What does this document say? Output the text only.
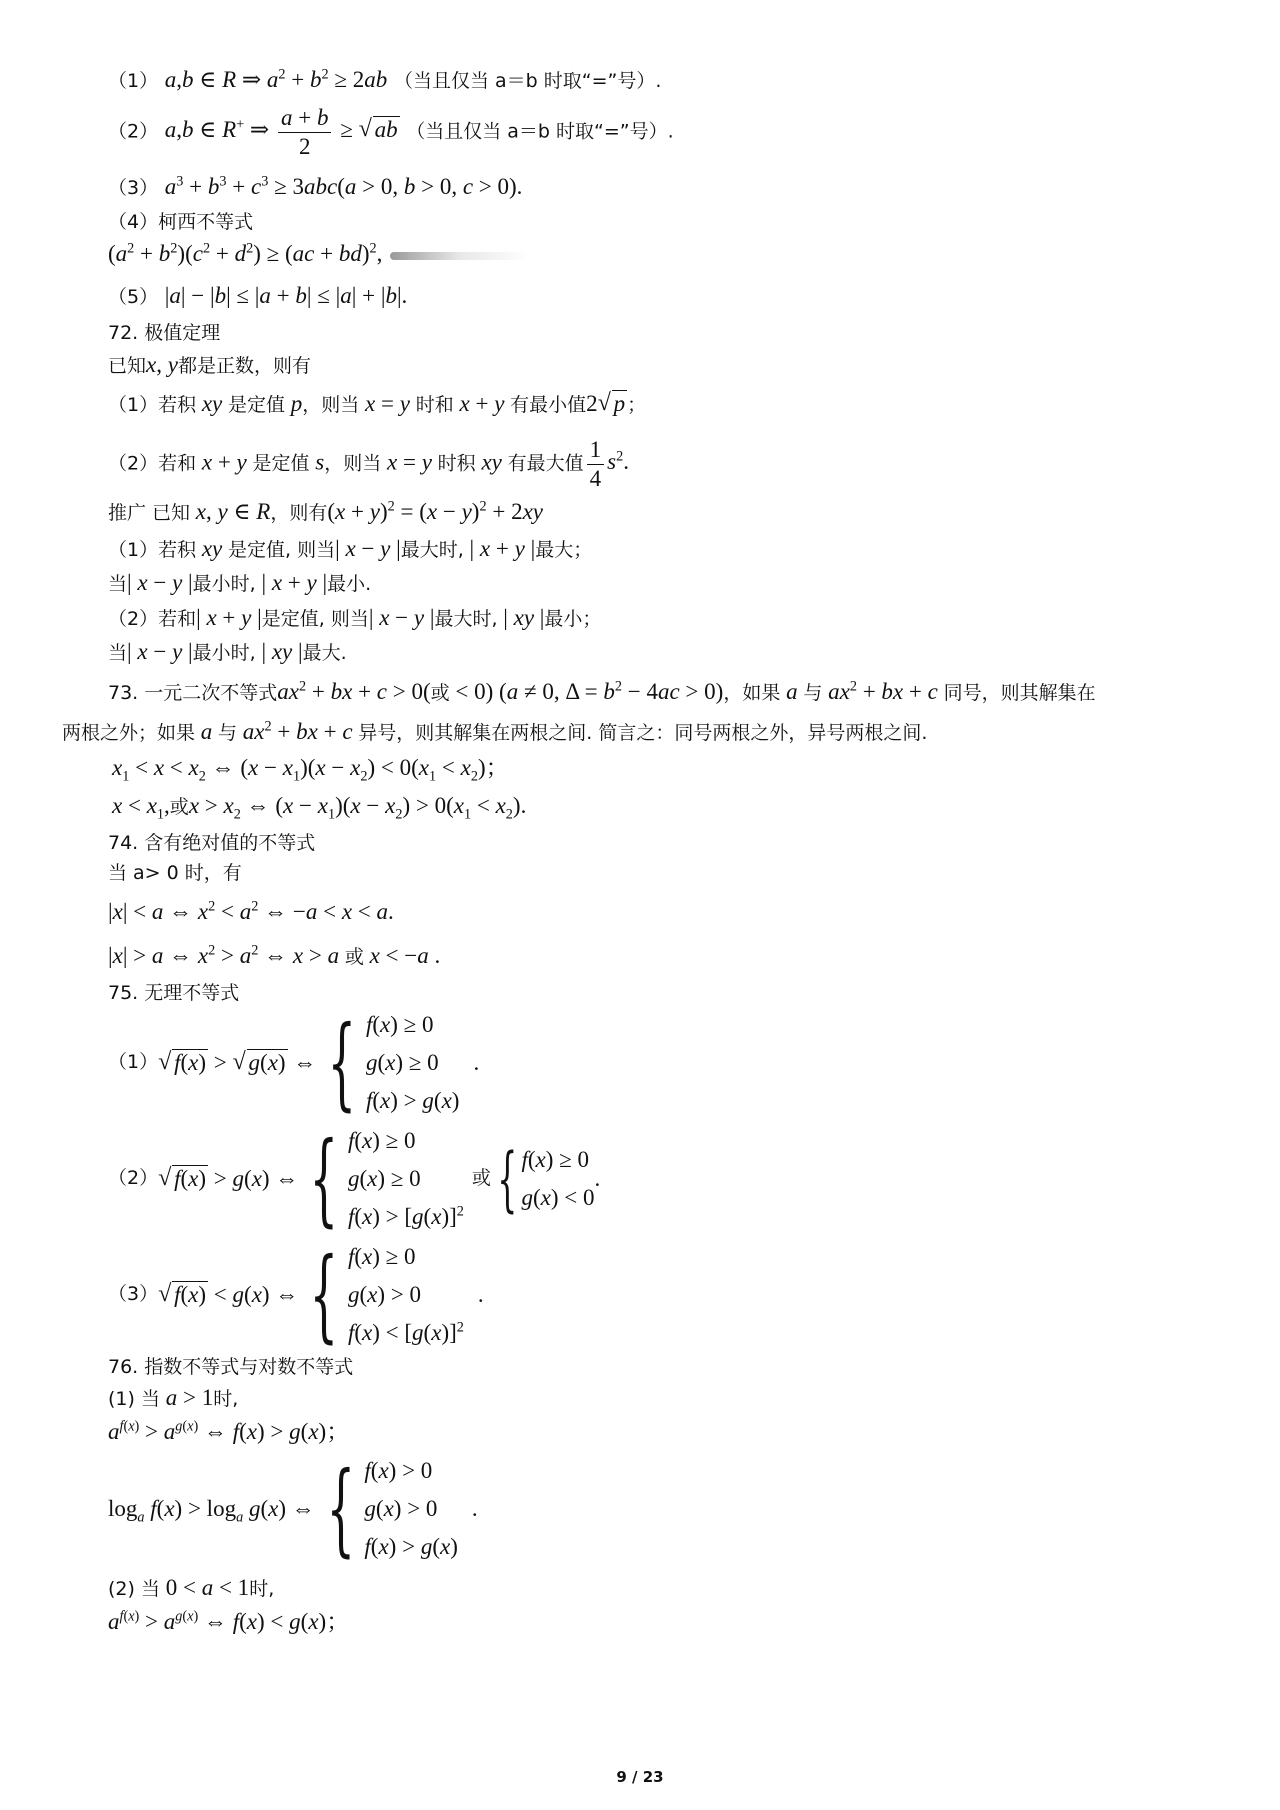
（1） a,b ∈ R ⇒ $a^2 + b^2 \ge 2ab$ （当且仅当 a＝b 时取“=”号）.
（2） a,b ∈ R+ ⇒ $\frac{a + b}{2}$ ≥ √ ab （当且仅当 a＝b 时取“=”号）.
（3） $a^3 + b^3 + c^3 \ge 3abc(a > 0$, b > 0, c > 0).
（4）柯西不等式
$(a^2 + b^2)(c^2 + d^2) \ge (ac + bd)^2$,
（5） |a| − |b| ≤ |a + b| ≤ |a| + |b|.
72. 极值定理
已知x, y都是正数，则有
（1）若积 xy 是定值 p，则当 x = y 时和 x + y 有最小值2 √ p ；
（2）若和 x + y 是定值 s，则当 x = y 时积 xy 有最大值 $\frac{1}{4} s^2$.
推广 已知 x, y ∈ R，则有$(x + y)^2 = (x - y)^2 + 2xy$
（1）若积 xy 是定值, 则当| x − y |最大时, | x + y |最大；
当| x − y |最小时, | x + y |最小.
（2）若和| x + y |是定值, 则当| x − y |最大时, | xy |最小；
当| x − y |最小时, | xy |最大.
73. 一元二次不等式$ax^2$ + bx + c > 0(或 < 0) (a ≠ 0, $\Delta = b^2 - 4ac > 0$)，如果 a 与 $ax^2$ + bx + c 同号，则其解集在
两根之外；如果 a 与 $ax^2$ + bx + c 异号，则其解集在两根之间. 简言之：同号两根之外，异号两根之间.
$x_1 < x < x_2$ ⇔ $(x - x_1)(x - x_2) < 0(x_1 < x_2)$；
$x < x_1$,或$x > x_2$ ⇔ $(x - x_1)(x - x_2) > 0(x_1 < x_2)$.
74. 含有绝对值的不等式
当 a> 0 时，有
|x| < a ⇔ $x^2 < a^2$ ⇔ −a < x < a.
|x| > a ⇔ $x^2 > a^2$ ⇔ x > a 或 x < −a .
75. 无理不等式
（1） √ f(x) > √ g(x) ⇔ { f(x) ≥ 0
g(x) ≥ 0
f(x) > g(x)
.
（2） √ f(x) > g(x) ⇔ { f(x) ≥ 0
g(x) ≥ 0
$f(x) > [g(x)]^2$
或 { f(x) ≥ 0
g(x) < 0
.
（3） √ f(x) < g(x) ⇔ { f(x) ≥ 0
g(x) > 0
$f(x) < [g(x)]^2$
.
76. 指数不等式与对数不等式
(1) 当 a > 1时,
$a^{f(x)} > a^{g(x)}$ ⇔ f(x) > g(x)；
$\log_a f(x) > \log_a g(x)$ ⇔ { f(x) > 0
g(x) > 0
f(x) > g(x)
.
(2) 当 0 < a < 1时,
$a^{f(x)} > a^{g(x)}$ ⇔ f(x) < g(x)；
9 / 23
